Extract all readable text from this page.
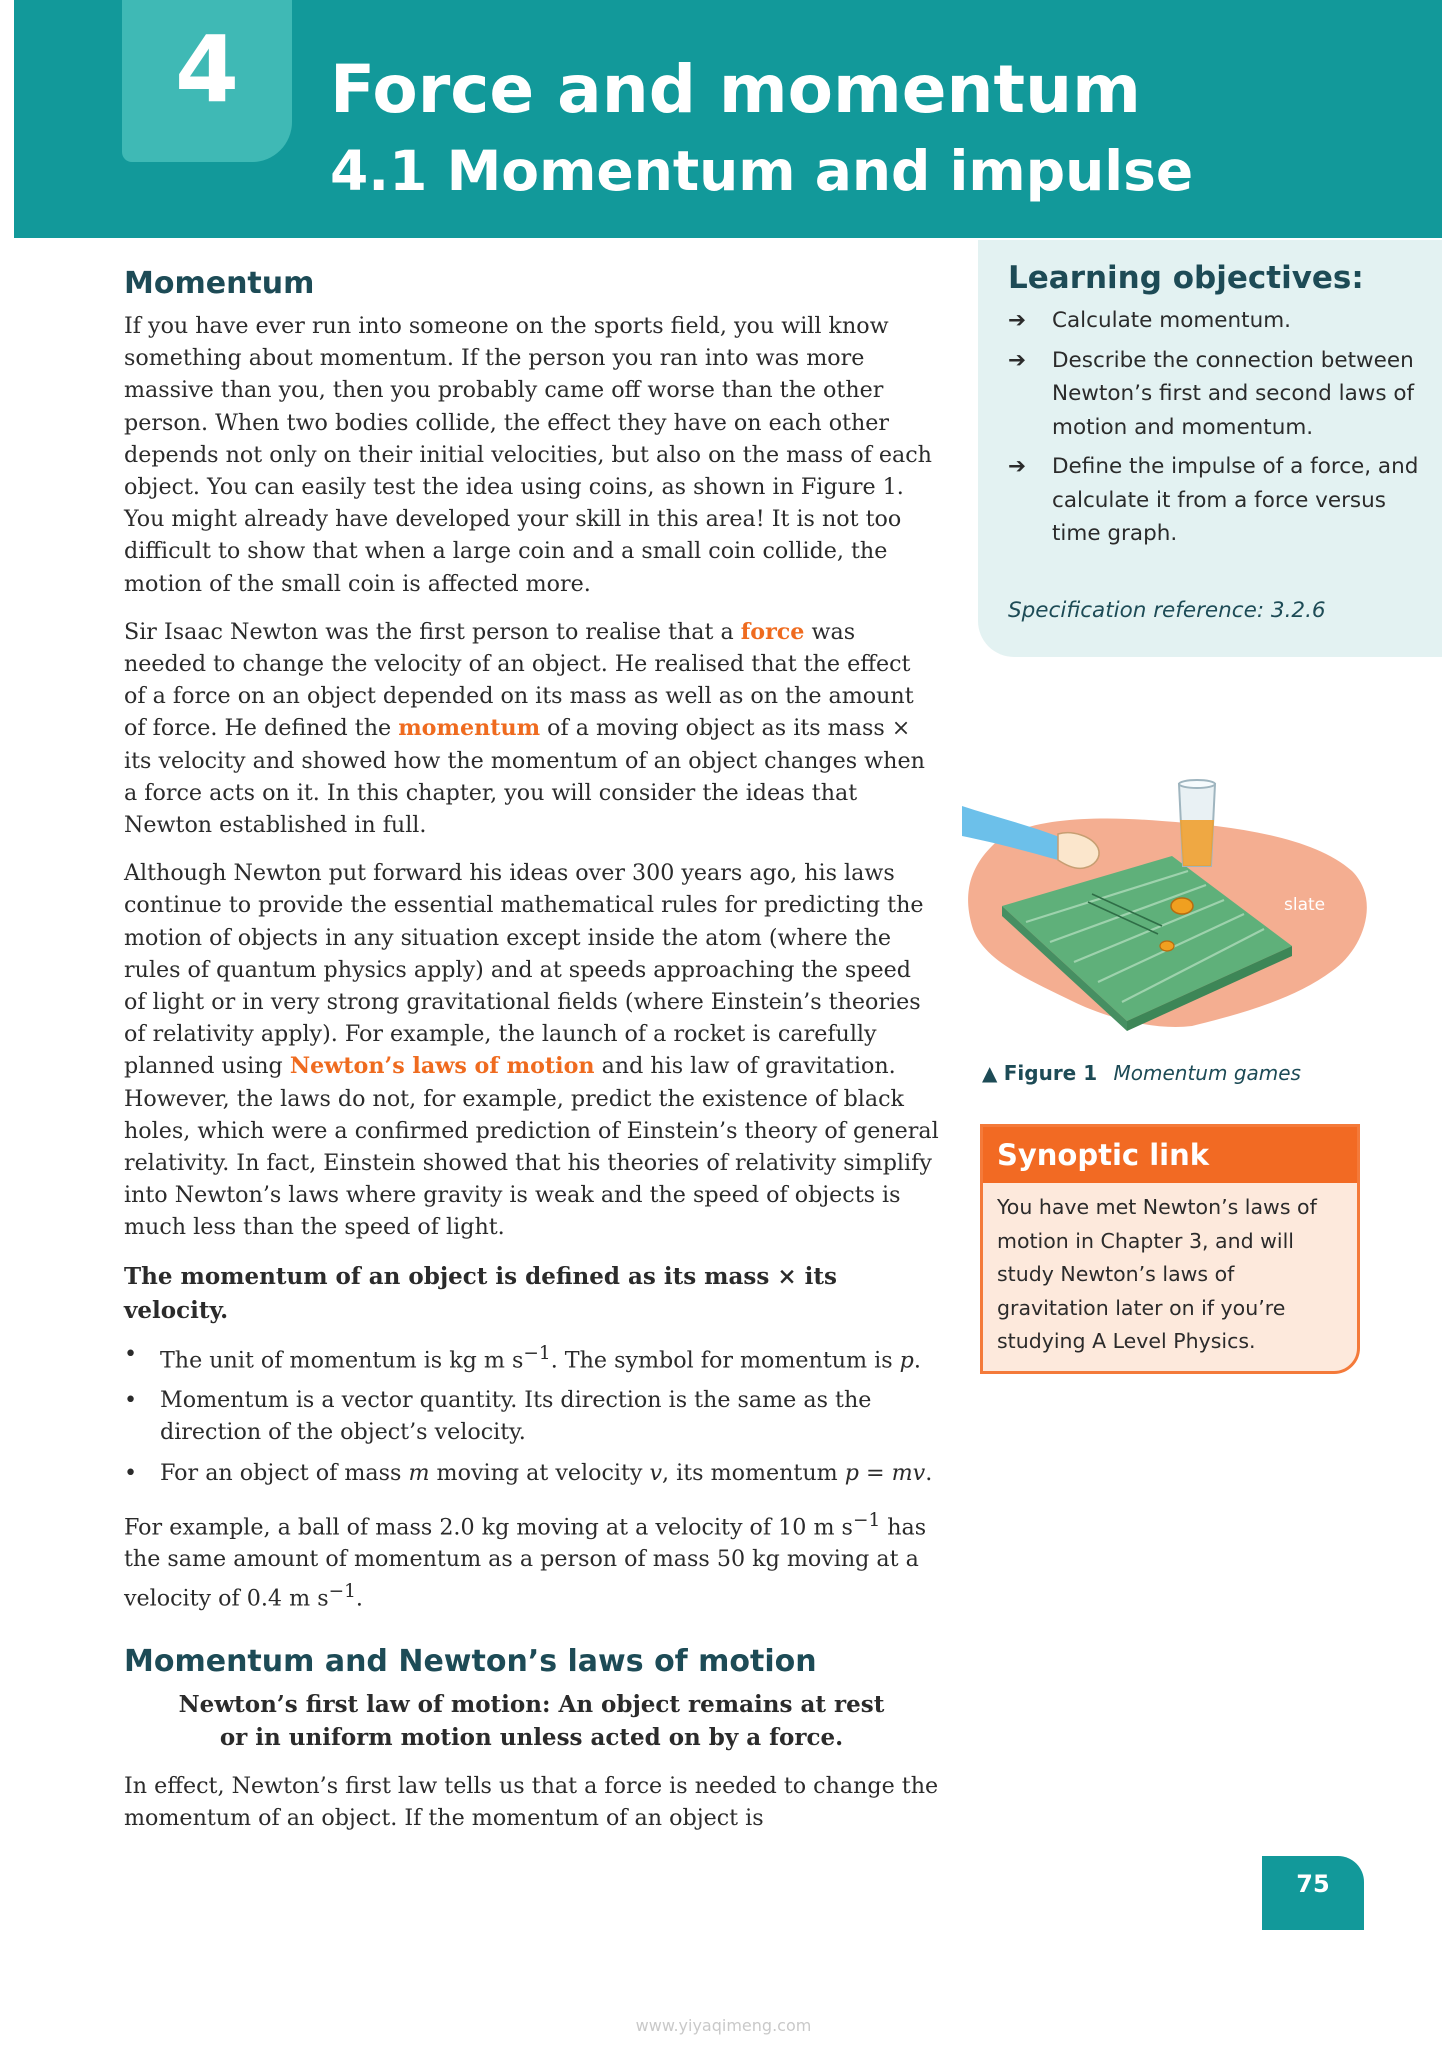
4	Force and momentum
4.1 Momentum and impulse
Momentum

If you have ever run into someone on the sports field, you will know something about momentum. If the person you ran into was more massive than you, then you probably came off worse than the other person. When two bodies collide, the effect they have on each other depends not only on their initial velocities, but also on the mass of each object. You can easily test the idea using coins, as shown in Figure 1. You might already have developed your skill in this area! It is not too difficult to show that when a large coin and a small coin collide, the motion of the small coin is affected more.

Sir Isaac Newton was the first person to realise that a force was needed to change the velocity of an object. He realised that the effect of a force on an object depended on its mass as well as on the amount of force. He defined the momentum of a moving object as its mass × its velocity and showed how the momentum of an object changes when a force acts on it. In this chapter, you will consider the ideas that Newton established in full.

Although Newton put forward his ideas over 300 years ago, his laws continue to provide the essential mathematical rules for predicting the motion of objects in any situation except inside the atom (where the rules of quantum physics apply) and at speeds approaching the speed of light or in very strong gravitational fields (where Einstein’s theories of relativity apply). For example, the launch of a rocket is carefully planned using Newton’s laws of motion and his law of gravitation. However, the laws do not, for example, predict the existence of black holes, which were a confirmed prediction of Einstein’s theory of general relativity. In fact, Einstein showed that his theories of relativity simplify into Newton’s laws where gravity is weak and the speed of objects is much less than the speed of light.

The momentum of an object is defined as its mass × its velocity.
• The unit of momentum is kg m $s^{-1}$. The symbol for momentum is p.
• Momentum is a vector quantity. Its direction is the same as the direction of the object’s velocity.
• For an object of mass m moving at velocity v, its momentum p = mv.

For example, a ball of mass 2.0 kg moving at a velocity of 10 m $s^{-1}$ has the same amount of momentum as a person of mass 50 kg moving at a velocity of 0.4 m $s^{-1}$.

Momentum and Newton’s laws of motion
Newton’s first law of motion: An object remains at rest or in uniform motion unless acted on by a force.

In effect, Newton’s first law tells us that a force is needed to change the momentum of an object. If the momentum of an object is

Learning objectives:
➔ Calculate momentum.
➔ Describe the connection between Newton’s first and second laws of motion and momentum.
➔ Define the impulse of a force, and calculate it from a force versus time graph.
Specification reference: 3.2.6
slate
▲ Figure 1 Momentum games
Synoptic link
You have met Newton’s laws of motion in Chapter 3, and will study Newton’s laws of gravitation later on if you’re studying A Level Physics.
75
www.yiyaqimeng.com
